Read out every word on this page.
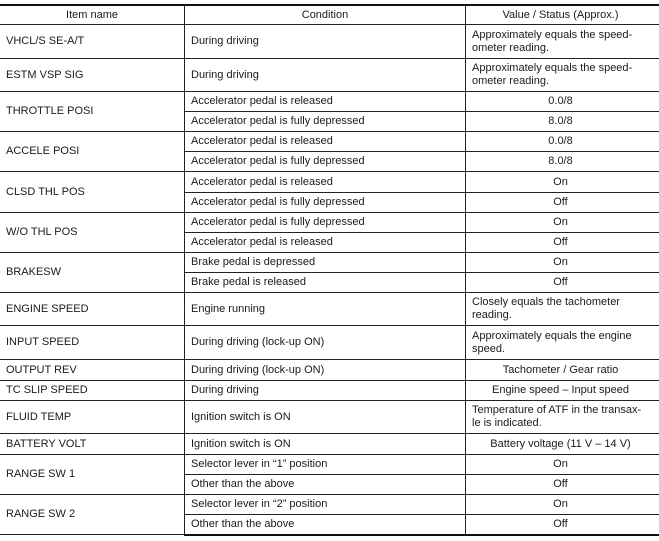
Item name	Condition	Value / Status (Approx.)
VHCL/S SE-A/T	During driving	Approximately equals the speed-
ometer reading.

ESTM VSP SIG	During driving	Approximately equals the speed-
ometer reading.

THROTTLE POSI	Accelerator pedal is released	0.0/8

	Accelerator pedal is fully depressed	8.0/8

ACCELE POSI	Accelerator pedal is released	0.0/8

	Accelerator pedal is fully depressed	8.0/8

CLSD THL POS	Accelerator pedal is released	On

	Accelerator pedal is fully depressed	Off

W/O THL POS	Accelerator pedal is fully depressed	On

	Accelerator pedal is released	Off

BRAKESW	Brake pedal is depressed	On

	Brake pedal is released	Off

ENGINE SPEED	Engine running	Closely equals the tachometer
reading.

INPUT SPEED	During driving (lock-up ON)	Approximately equals the engine
speed.

OUTPUT REV	During driving (lock-up ON)	Tachometer / Gear ratio

TC SLIP SPEED	During driving	Engine speed – Input speed

FLUID TEMP	Ignition switch is ON	Temperature of ATF in the transax-
le is indicated.

BATTERY VOLT	Ignition switch is ON	Battery voltage (11 V – 14 V)

RANGE SW 1	Selector lever in “1” position	On

	Other than the above	Off

RANGE SW 2	Selector lever in “2” position	On

	Other than the above	Off
